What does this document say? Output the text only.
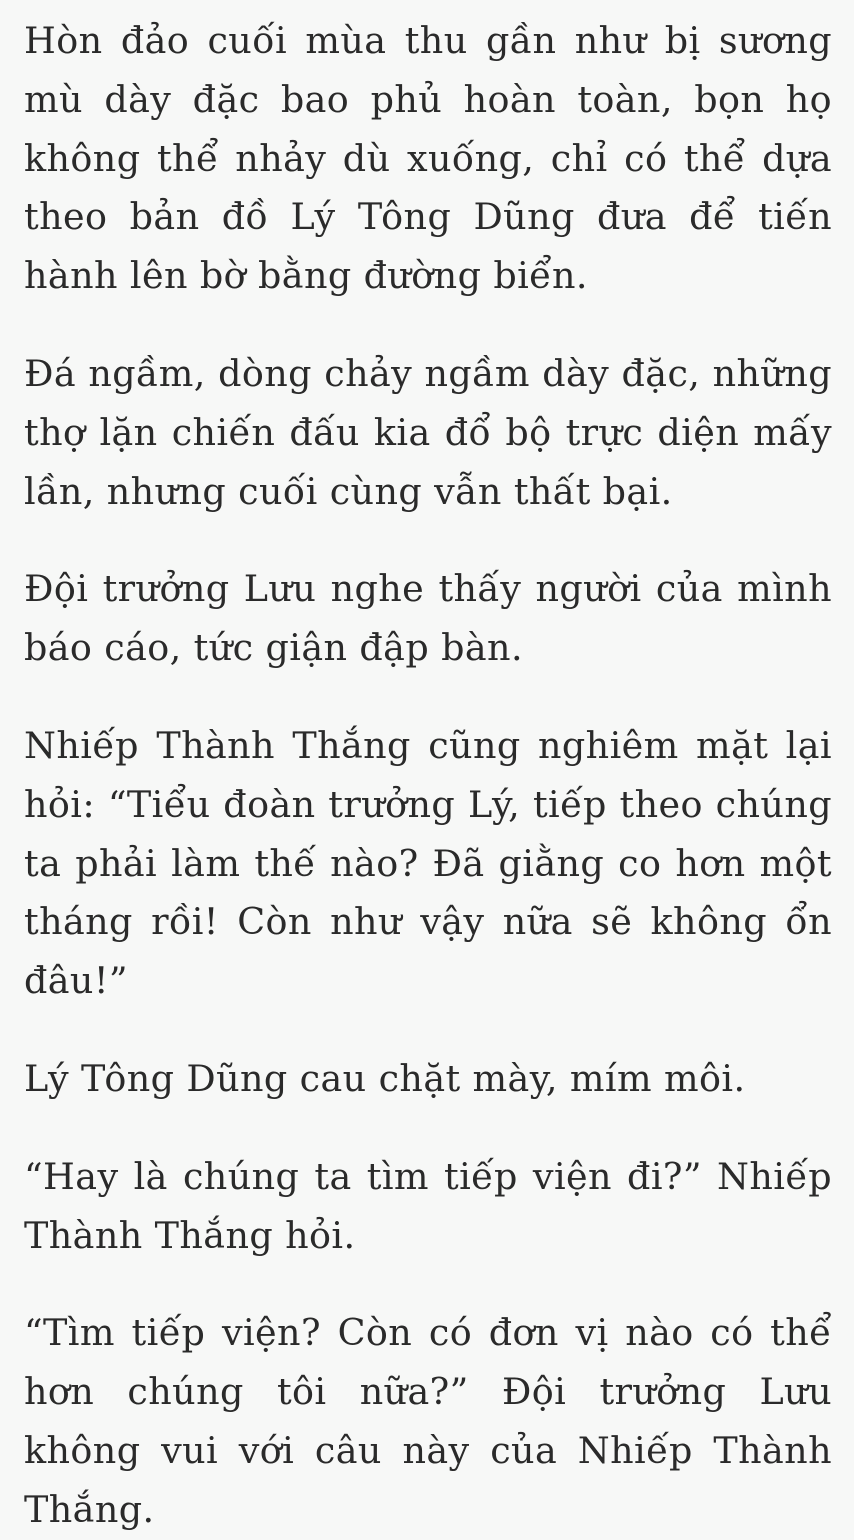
Hòn đảo cuối mùa thu gần như bị sương mù dày đặc bao phủ hoàn toàn, bọn họ không thể nhảy dù xuống, chỉ có thể dựa theo bản đồ Lý Tông Dũng đưa để tiến hành lên bờ bằng đường biển.

Đá ngầm, dòng chảy ngầm dày đặc, những thợ lặn chiến đấu kia đổ bộ trực diện mấy lần, nhưng cuối cùng vẫn thất bại.

Đội trưởng Lưu nghe thấy người của mình báo cáo, tức giận đập bàn.

Nhiếp Thành Thắng cũng nghiêm mặt lại hỏi: “Tiểu đoàn trưởng Lý, tiếp theo chúng ta phải làm thế nào? Đã giằng co hơn một tháng rồi! Còn như vậy nữa sẽ không ổn đâu!”

Lý Tông Dũng cau chặt mày, mím môi.

“Hay là chúng ta tìm tiếp viện đi?” Nhiếp Thành Thắng hỏi.

“Tìm tiếp viện? Còn có đơn vị nào có thể hơn chúng tôi nữa?” Đội trưởng Lưu không vui với câu này của Nhiếp Thành Thắng.
